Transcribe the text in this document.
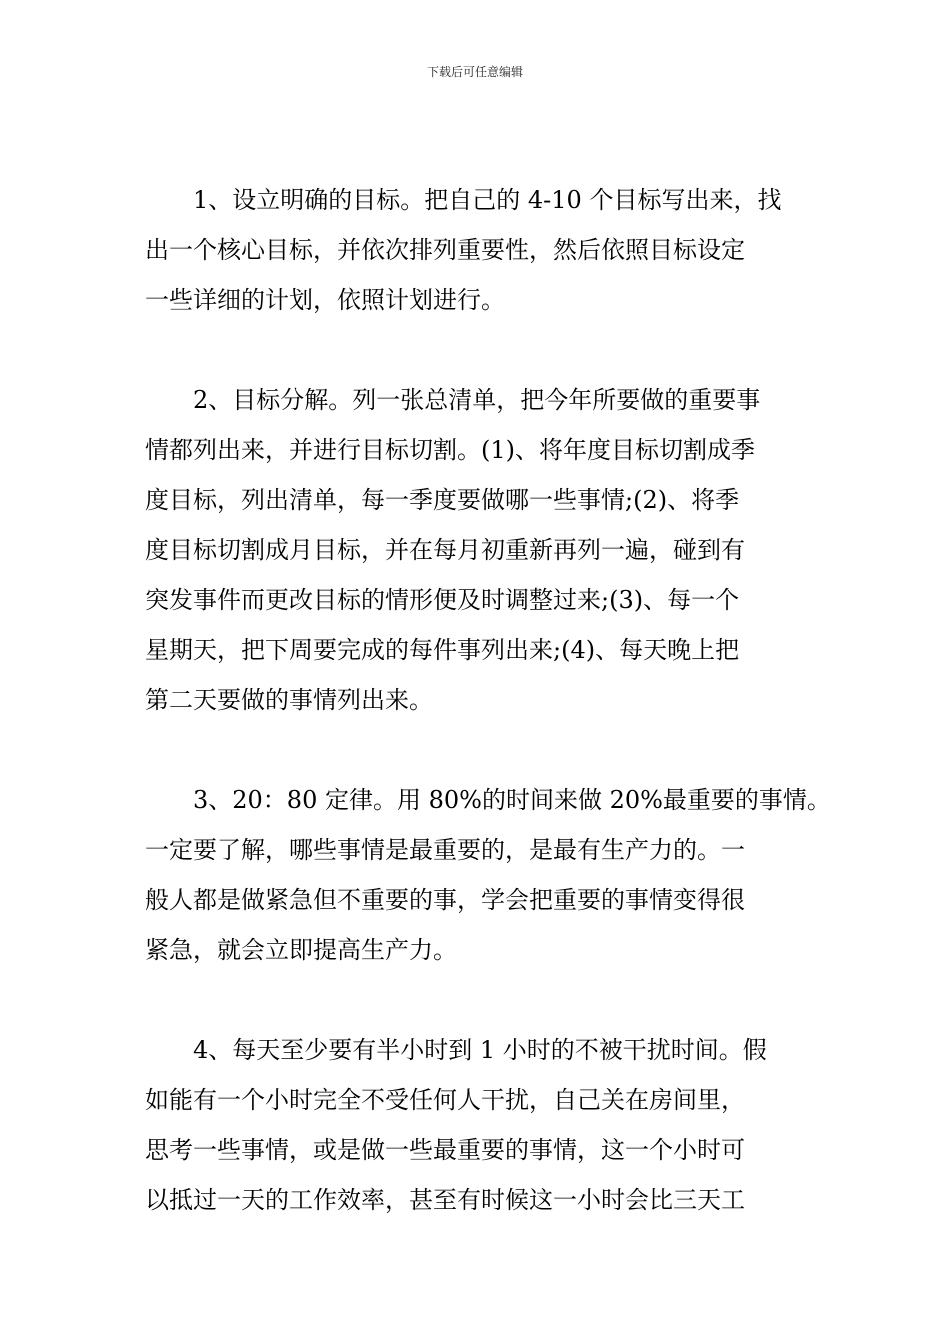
下载后可任意编辑
1、设立明确的目标。把自己的 4-10 个目标写出来，找
出一个核心目标，并依次排列重要性，然后依照目标设定
一些详细的计划，依照计划进行。
2、目标分解。列一张总清单，把今年所要做的重要事
情都列出来，并进行目标切割。(1)、将年度目标切割成季
度目标，列出清单，每一季度要做哪一些事情;(2)、将季
度目标切割成月目标，并在每月初重新再列一遍，碰到有
突发事件而更改目标的情形便及时调整过来;(3)、每一个
星期天，把下周要完成的每件事列出来;(4)、每天晚上把
第二天要做的事情列出来。
3、20：80 定律。用 80%的时间来做 20%最重要的事情。
一定要了解，哪些事情是最重要的，是最有生产力的。一
般人都是做紧急但不重要的事，学会把重要的事情变得很
紧急，就会立即提高生产力。
4、每天至少要有半小时到 1 小时的不被干扰时间。假
如能有一个小时完全不受任何人干扰，自己关在房间里，
思考一些事情，或是做一些最重要的事情，这一个小时可
以抵过一天的工作效率，甚至有时候这一小时会比三天工
